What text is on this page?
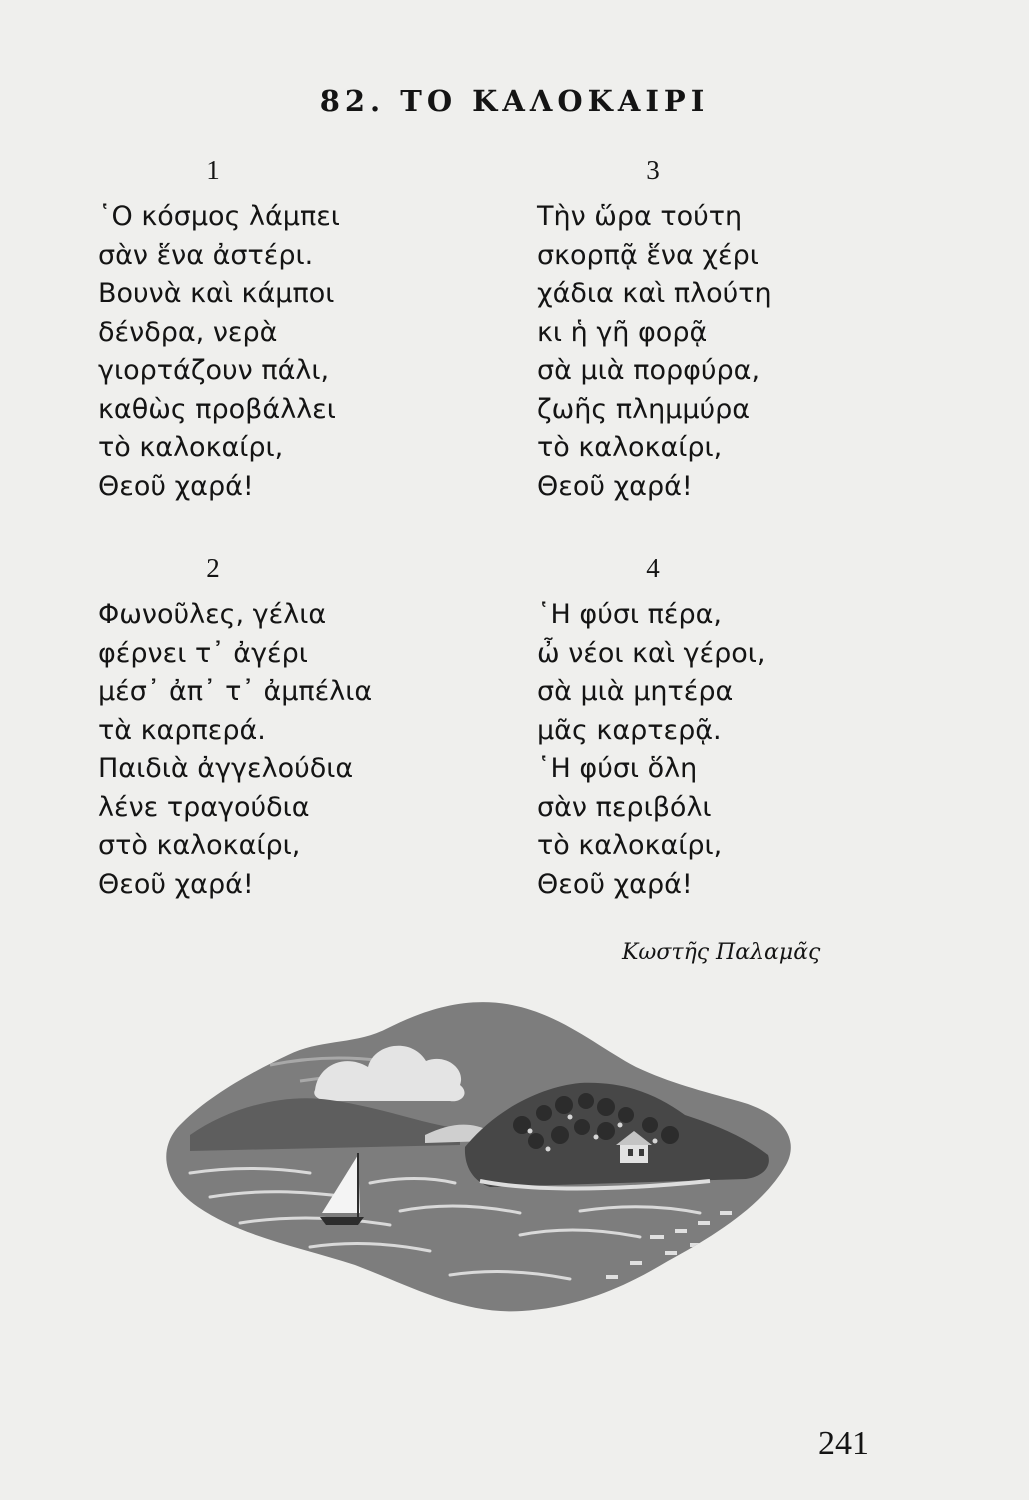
82. ΤΟ ΚΑΛΟΚΑΙΡΙ
1
῾Ο κόσμος λάμπει
σὰν ἕνα ἀστέρι.
Βουνὰ καὶ κάμποι
δένδρα, νερὰ
γιορτάζουν πάλι,
καθὼς προβάλλει
τὸ καλοκαίρι,
Θεοῦ χαρά!
2
Φωνοῦλες, γέλια
φέρνει τ᾽ ἀγέρι
μέσ᾽ ἀπ᾽ τ᾽ ἀμπέλια
τὰ καρπερά.
Παιδιὰ ἀγγελούδια
λένε τραγούδια
στὸ καλοκαίρι,
Θεοῦ χαρά!
3
Τὴν ὥρα τούτη
σκορπᾷ ἕνα χέρι
χάδια καὶ πλούτη
κι ἡ γῆ φορᾷ
σὰ μιὰ πορφύρα,
ζωῆς πλημμύρα
τὸ καλοκαίρι,
Θεοῦ χαρά!
4
῾Η φύσι πέρα,
ὦ νέοι καὶ γέροι,
σὰ μιὰ μητέρα
μᾶς καρτερᾷ.
῾Η φύσι ὅλη
σὰν περιβόλι
τὸ καλοκαίρι,
Θεοῦ χαρά!
Κωστῆς Παλαμᾶς
241
